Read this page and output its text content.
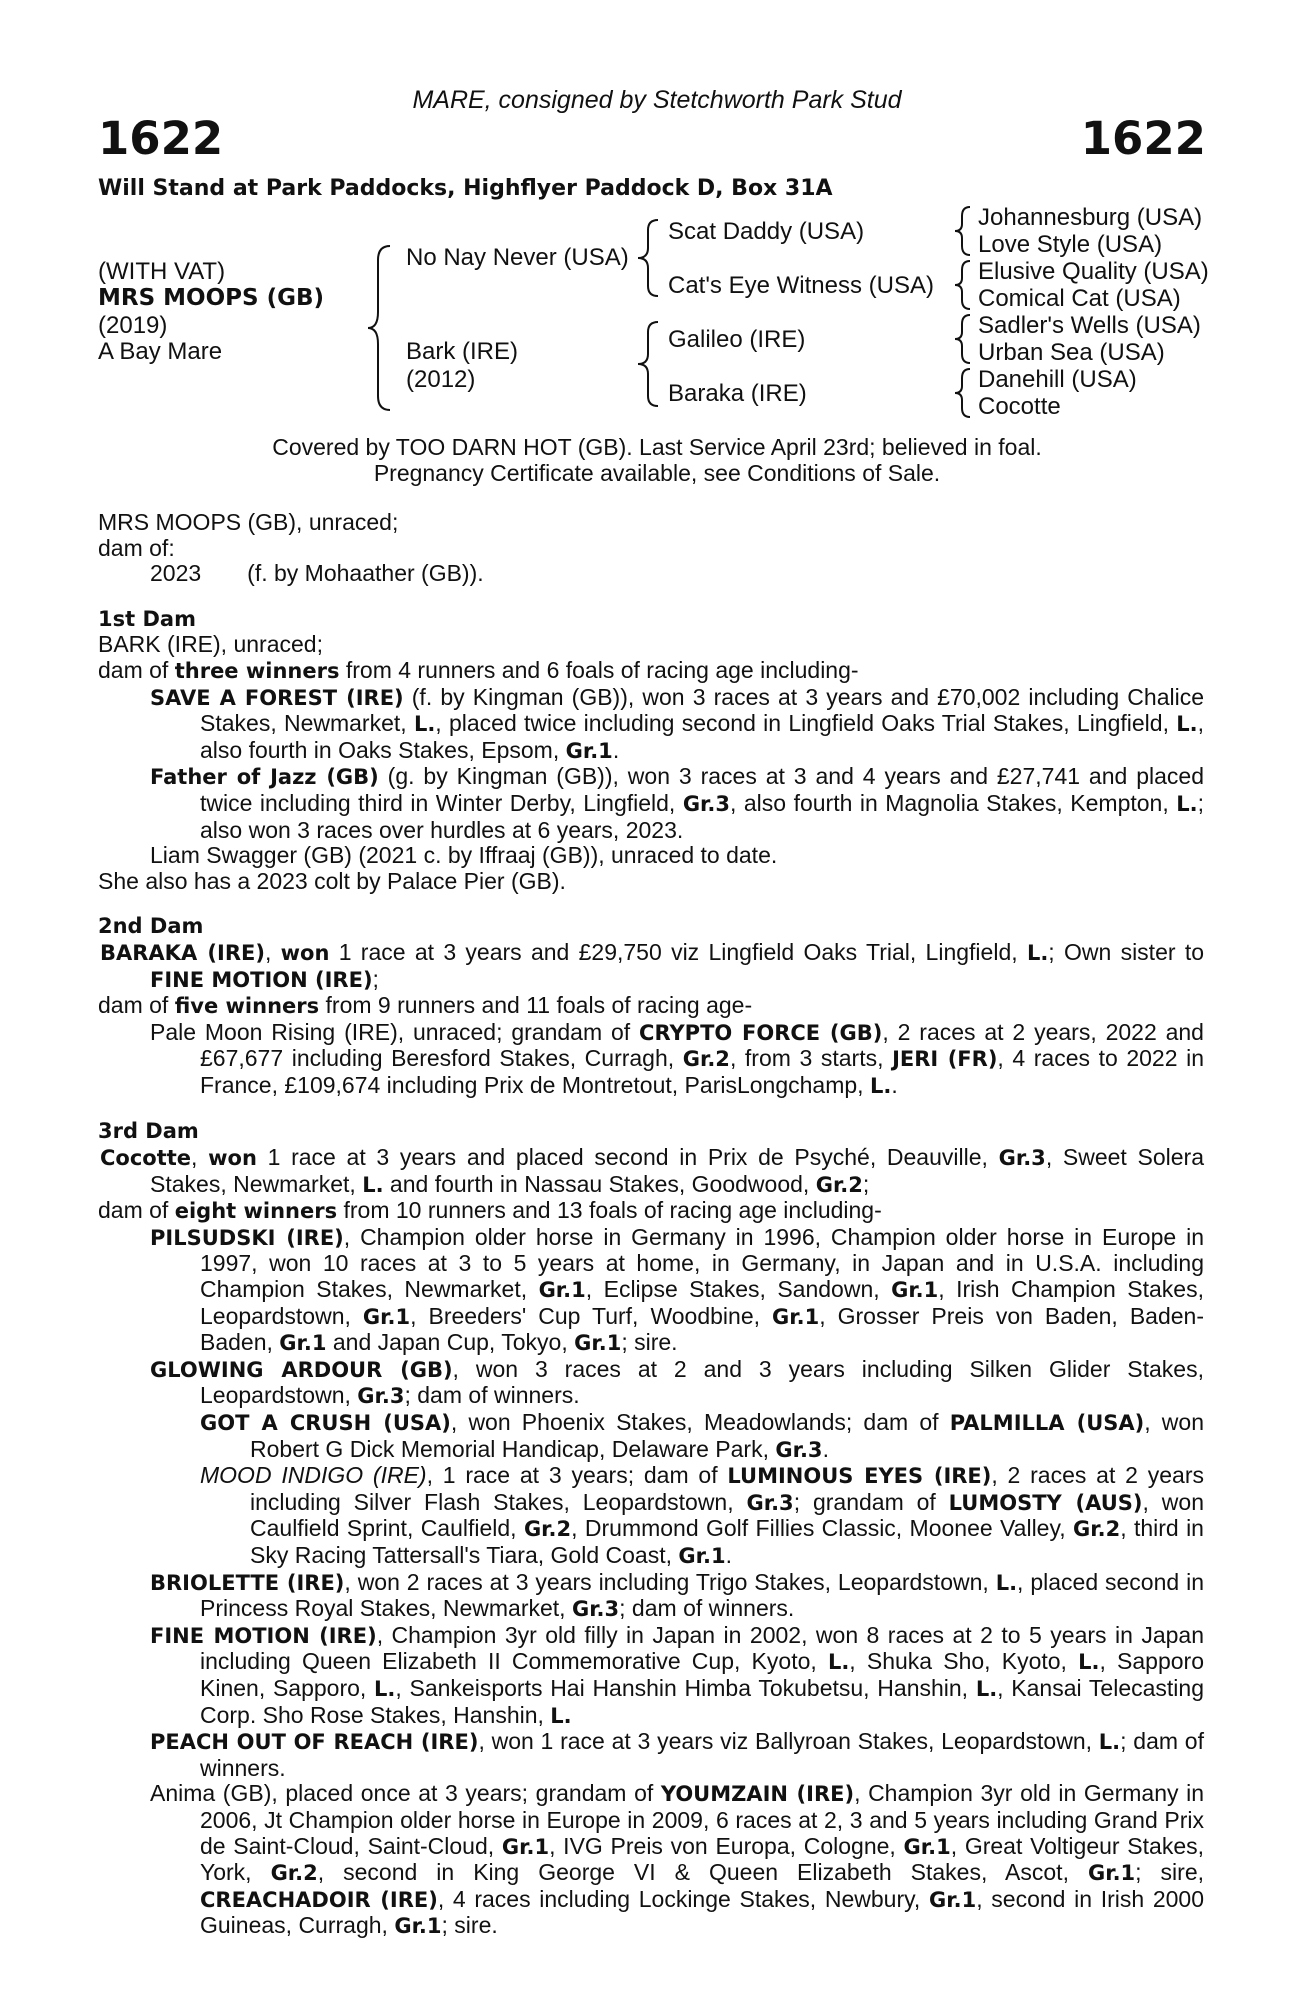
MARE, consigned by Stetchworth Park Stud
1622	1622
Will Stand at Park Paddocks, Highflyer Paddock D, Box 31A
(WITH VAT)
MRS MOOPS (GB)
(2019)
A Bay Mare
No Nay Never (USA)
Bark (IRE)
(2012)
Scat Daddy (USA)
Cat's Eye Witness (USA)
Galileo (IRE)
Baraka (IRE)
Johannesburg (USA)
Love Style (USA)
Elusive Quality (USA)
Comical Cat (USA)
Sadler's Wells (USA)
Urban Sea (USA)
Danehill (USA)
Cocotte
Covered by TOO DARN HOT (GB). Last Service April 23rd; believed in foal.
Pregnancy Certificate available, see Conditions of Sale.

MRS MOOPS (GB), unraced;

dam of:

2023 (f. by Mohaather (GB)).

1st Dam

BARK (IRE), unraced;

dam of three winners from 4 runners and 6 foals of racing age including-

SAVE A FOREST (IRE) (f. by Kingman (GB)), won 3 races at 3 years and £70,002 including Chalice Stakes, Newmarket, L., placed twice including second in Lingfield Oaks Trial Stakes, Lingfield, L., also fourth in Oaks Stakes, Epsom, Gr.1.

Father of Jazz (GB) (g. by Kingman (GB)), won 3 races at 3 and 4 years and £27,741 and placed twice including third in Winter Derby, Lingfield, Gr.3, also fourth in Magnolia Stakes, Kempton, L.; also won 3 races over hurdles at 6 years, 2023.

Liam Swagger (GB) (2021 c. by Iffraaj (GB)), unraced to date.

She also has a 2023 colt by Palace Pier (GB).

2nd Dam

BARAKA (IRE), won 1 race at 3 years and £29,750 viz Lingfield Oaks Trial, Lingfield, L.; Own sister to FINE MOTION (IRE);

dam of five winners from 9 runners and 11 foals of racing age-

Pale Moon Rising (IRE), unraced; grandam of CRYPTO FORCE (GB), 2 races at 2 years, 2022 and £67,677 including Beresford Stakes, Curragh, Gr.2, from 3 starts, JERI (FR), 4 races to 2022 in France, £109,674 including Prix de Montretout, ParisLongchamp, L..

3rd Dam

Cocotte, won 1 race at 3 years and placed second in Prix de Psyché, Deauville, Gr.3, Sweet Solera Stakes, Newmarket, L. and fourth in Nassau Stakes, Goodwood, Gr.2;

dam of eight winners from 10 runners and 13 foals of racing age including-

PILSUDSKI (IRE), Champion older horse in Germany in 1996, Champion older horse in Europe in 1997, won 10 races at 3 to 5 years at home, in Germany, in Japan and in U.S.A. including Champion Stakes, Newmarket, Gr.1, Eclipse Stakes, Sandown, Gr.1, Irish Champion Stakes, Leopardstown, Gr.1, Breeders' Cup Turf, Woodbine, Gr.1, Grosser Preis von Baden, Baden-Baden, Gr.1 and Japan Cup, Tokyo, Gr.1; sire.

GLOWING ARDOUR (GB), won 3 races at 2 and 3 years including Silken Glider Stakes, Leopardstown, Gr.3; dam of winners.

GOT A CRUSH (USA), won Phoenix Stakes, Meadowlands; dam of PALMILLA (USA), won Robert G Dick Memorial Handicap, Delaware Park, Gr.3.

MOOD INDIGO (IRE), 1 race at 3 years; dam of LUMINOUS EYES (IRE), 2 races at 2 years including Silver Flash Stakes, Leopardstown, Gr.3; grandam of LUMOSTY (AUS), won Caulfield Sprint, Caulfield, Gr.2, Drummond Golf Fillies Classic, Moonee Valley, Gr.2, third in Sky Racing Tattersall's Tiara, Gold Coast, Gr.1.

BRIOLETTE (IRE), won 2 races at 3 years including Trigo Stakes, Leopardstown, L., placed second in Princess Royal Stakes, Newmarket, Gr.3; dam of winners.

FINE MOTION (IRE), Champion 3yr old filly in Japan in 2002, won 8 races at 2 to 5 years in Japan including Queen Elizabeth II Commemorative Cup, Kyoto, L., Shuka Sho, Kyoto, L., Sapporo Kinen, Sapporo, L., Sankeisports Hai Hanshin Himba Tokubetsu, Hanshin, L., Kansai Telecasting Corp. Sho Rose Stakes, Hanshin, L.

PEACH OUT OF REACH (IRE), won 1 race at 3 years viz Ballyroan Stakes, Leopardstown, L.; dam of winners.

Anima (GB), placed once at 3 years; grandam of YOUMZAIN (IRE), Champion 3yr old in Germany in 2006, Jt Champion older horse in Europe in 2009, 6 races at 2, 3 and 5 years including Grand Prix de Saint-Cloud, Saint-Cloud, Gr.1, IVG Preis von Europa, Cologne, Gr.1, Great Voltigeur Stakes, York, Gr.2, second in King George VI & Queen Elizabeth Stakes, Ascot, Gr.1; sire, CREACHADOIR (IRE), 4 races including Lockinge Stakes, Newbury, Gr.1, second in Irish 2000 Guineas, Curragh, Gr.1; sire.
